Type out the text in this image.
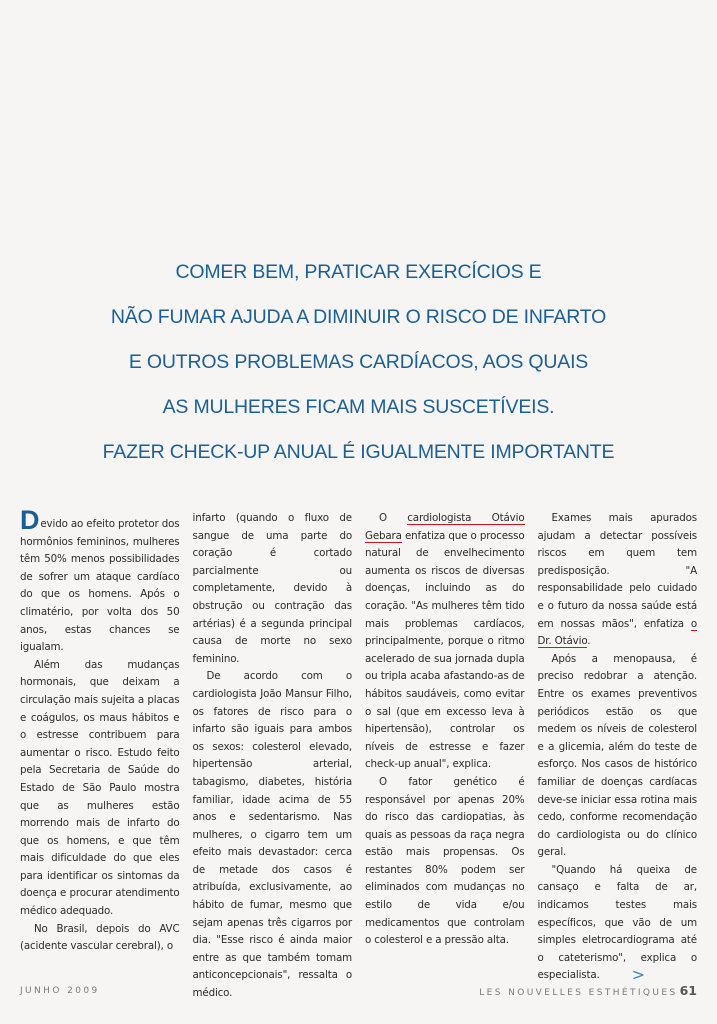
COMER BEM, PRATICAR EXERCÍCIOS E
NÃO FUMAR AJUDA A DIMINUIR O RISCO DE INFARTO
E OUTROS PROBLEMAS CARDÍACOS, AOS QUAIS
AS MULHERES FICAM MAIS SUSCETÍVEIS.
FAZER CHECK-UP ANUAL É IGUALMENTE IMPORTANTE

Devido ao efeito protetor dos hormônios femininos, mulheres têm 50% menos possibilidades de sofrer um ataque cardíaco do que os homens. Após o climatério, por volta dos 50 anos, estas chances se igualam.

Além das mudanças hormonais, que deixam a circulação mais sujeita a placas e coágulos, os maus hábitos e o estresse contribuem para aumentar o risco. Estudo feito pela Secretaria de Saúde do Estado de São Paulo mostra que as mulheres estão morrendo mais de infarto do que os homens, e que têm mais dificuldade do que eles para identificar os sintomas da doença e procurar atendimento médico adequado.

No Brasil, depois do AVC (acidente vascular cerebral), o

infarto (quando o fluxo de sangue de uma parte do coração é cortado parcialmente ou completamente, devido à obstrução ou contração das artérias) é a segunda principal causa de morte no sexo feminino.

De acordo com o cardiologista João Mansur Filho, os fatores de risco para o infarto são iguais para ambos os sexos: colesterol elevado, hipertensão arterial, tabagismo, diabetes, história familiar, idade acima de 55 anos e sedentarismo. Nas mulheres, o cigarro tem um efeito mais devastador: cerca de metade dos casos é atribuída, exclusivamente, ao hábito de fumar, mesmo que sejam apenas três cigarros por dia. "Esse risco é ainda maior entre as que também tomam anticoncepcionais", ressalta o médico.

O cardiologista Otávio Gebara enfatiza que o processo natural de envelhecimento aumenta os riscos de diversas doenças, incluindo as do coração. "As mulheres têm tido mais problemas cardíacos, principalmente, porque o ritmo acelerado de sua jornada dupla ou tripla acaba afastando-as de hábitos saudáveis, como evitar o sal (que em excesso leva à hipertensão), controlar os níveis de estresse e fazer check-up anual", explica.

O fator genético é responsável por apenas 20% do risco das cardiopatias, às quais as pessoas da raça negra estão mais propensas. Os restantes 80% podem ser eliminados com mudanças no estilo de vida e/ou medicamentos que controlam o colesterol e a pressão alta.

Exames mais apurados ajudam a detectar possíveis riscos em quem tem predisposição. "A responsabilidade pelo cuidado e o futuro da nossa saúde está em nossas mãos", enfatiza o Dr. Otávio.

Após a menopausa, é preciso redobrar a atenção. Entre os exames preventivos periódicos estão os que medem os níveis de colesterol e a glicemia, além do teste de esforço. Nos casos de histórico familiar de doenças cardíacas deve-se iniciar essa rotina mais cedo, conforme recomendação do cardiologista ou do clínico geral.

"Quando há queixa de cansaço e falta de ar, indicamos testes mais específicos, que vão de um simples eletrocardiograma até o cateterismo", explica o especialista. >

JUNHO 2009	LES NOUVELLES ESTHÉTIQUES 61
